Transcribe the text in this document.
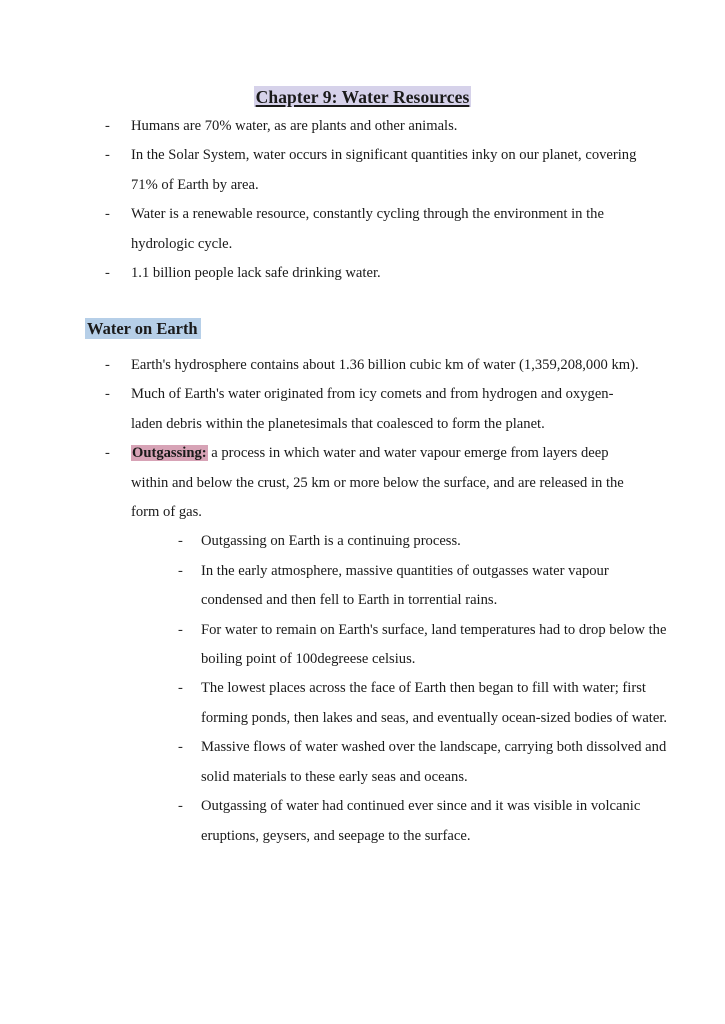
Chapter 9: Water Resources
-	Humans are 70% water, as are plants and other animals.
-	In the Solar System, water occurs in significant quantities inky on our planet, covering 71% of Earth by area.
-	Water is a renewable resource, constantly cycling through the environment in the hydrologic cycle.
-	1.1 billion people lack safe drinking water.
Water on Earth
-	Earth's hydrosphere contains about 1.36 billion cubic km of water (1,359,208,000 km).
-	Much of Earth's water originated from icy comets and from hydrogen and oxygen-laden debris within the planetesimals that coalesced to form the planet.
-	Outgassing: a process in which water and water vapour emerge from layers deep within and below the crust, 25 km or more below the surface, and are released in the form of gas.
-	Outgassing on Earth is a continuing process.
-	In the early atmosphere, massive quantities of outgasses water vapour condensed and then fell to Earth in torrential rains.
-	For water to remain on Earth's surface, land temperatures had to drop below the boiling point of 100degreese celsius.
-	The lowest places across the face of Earth then began to fill with water; first forming ponds, then lakes and seas, and eventually ocean-sized bodies of water.
-	Massive flows of water washed over the landscape, carrying both dissolved and solid materials to these early seas and oceans.
-	Outgassing of water had continued ever since and it was visible in volcanic eruptions, geysers, and seepage to the surface.
